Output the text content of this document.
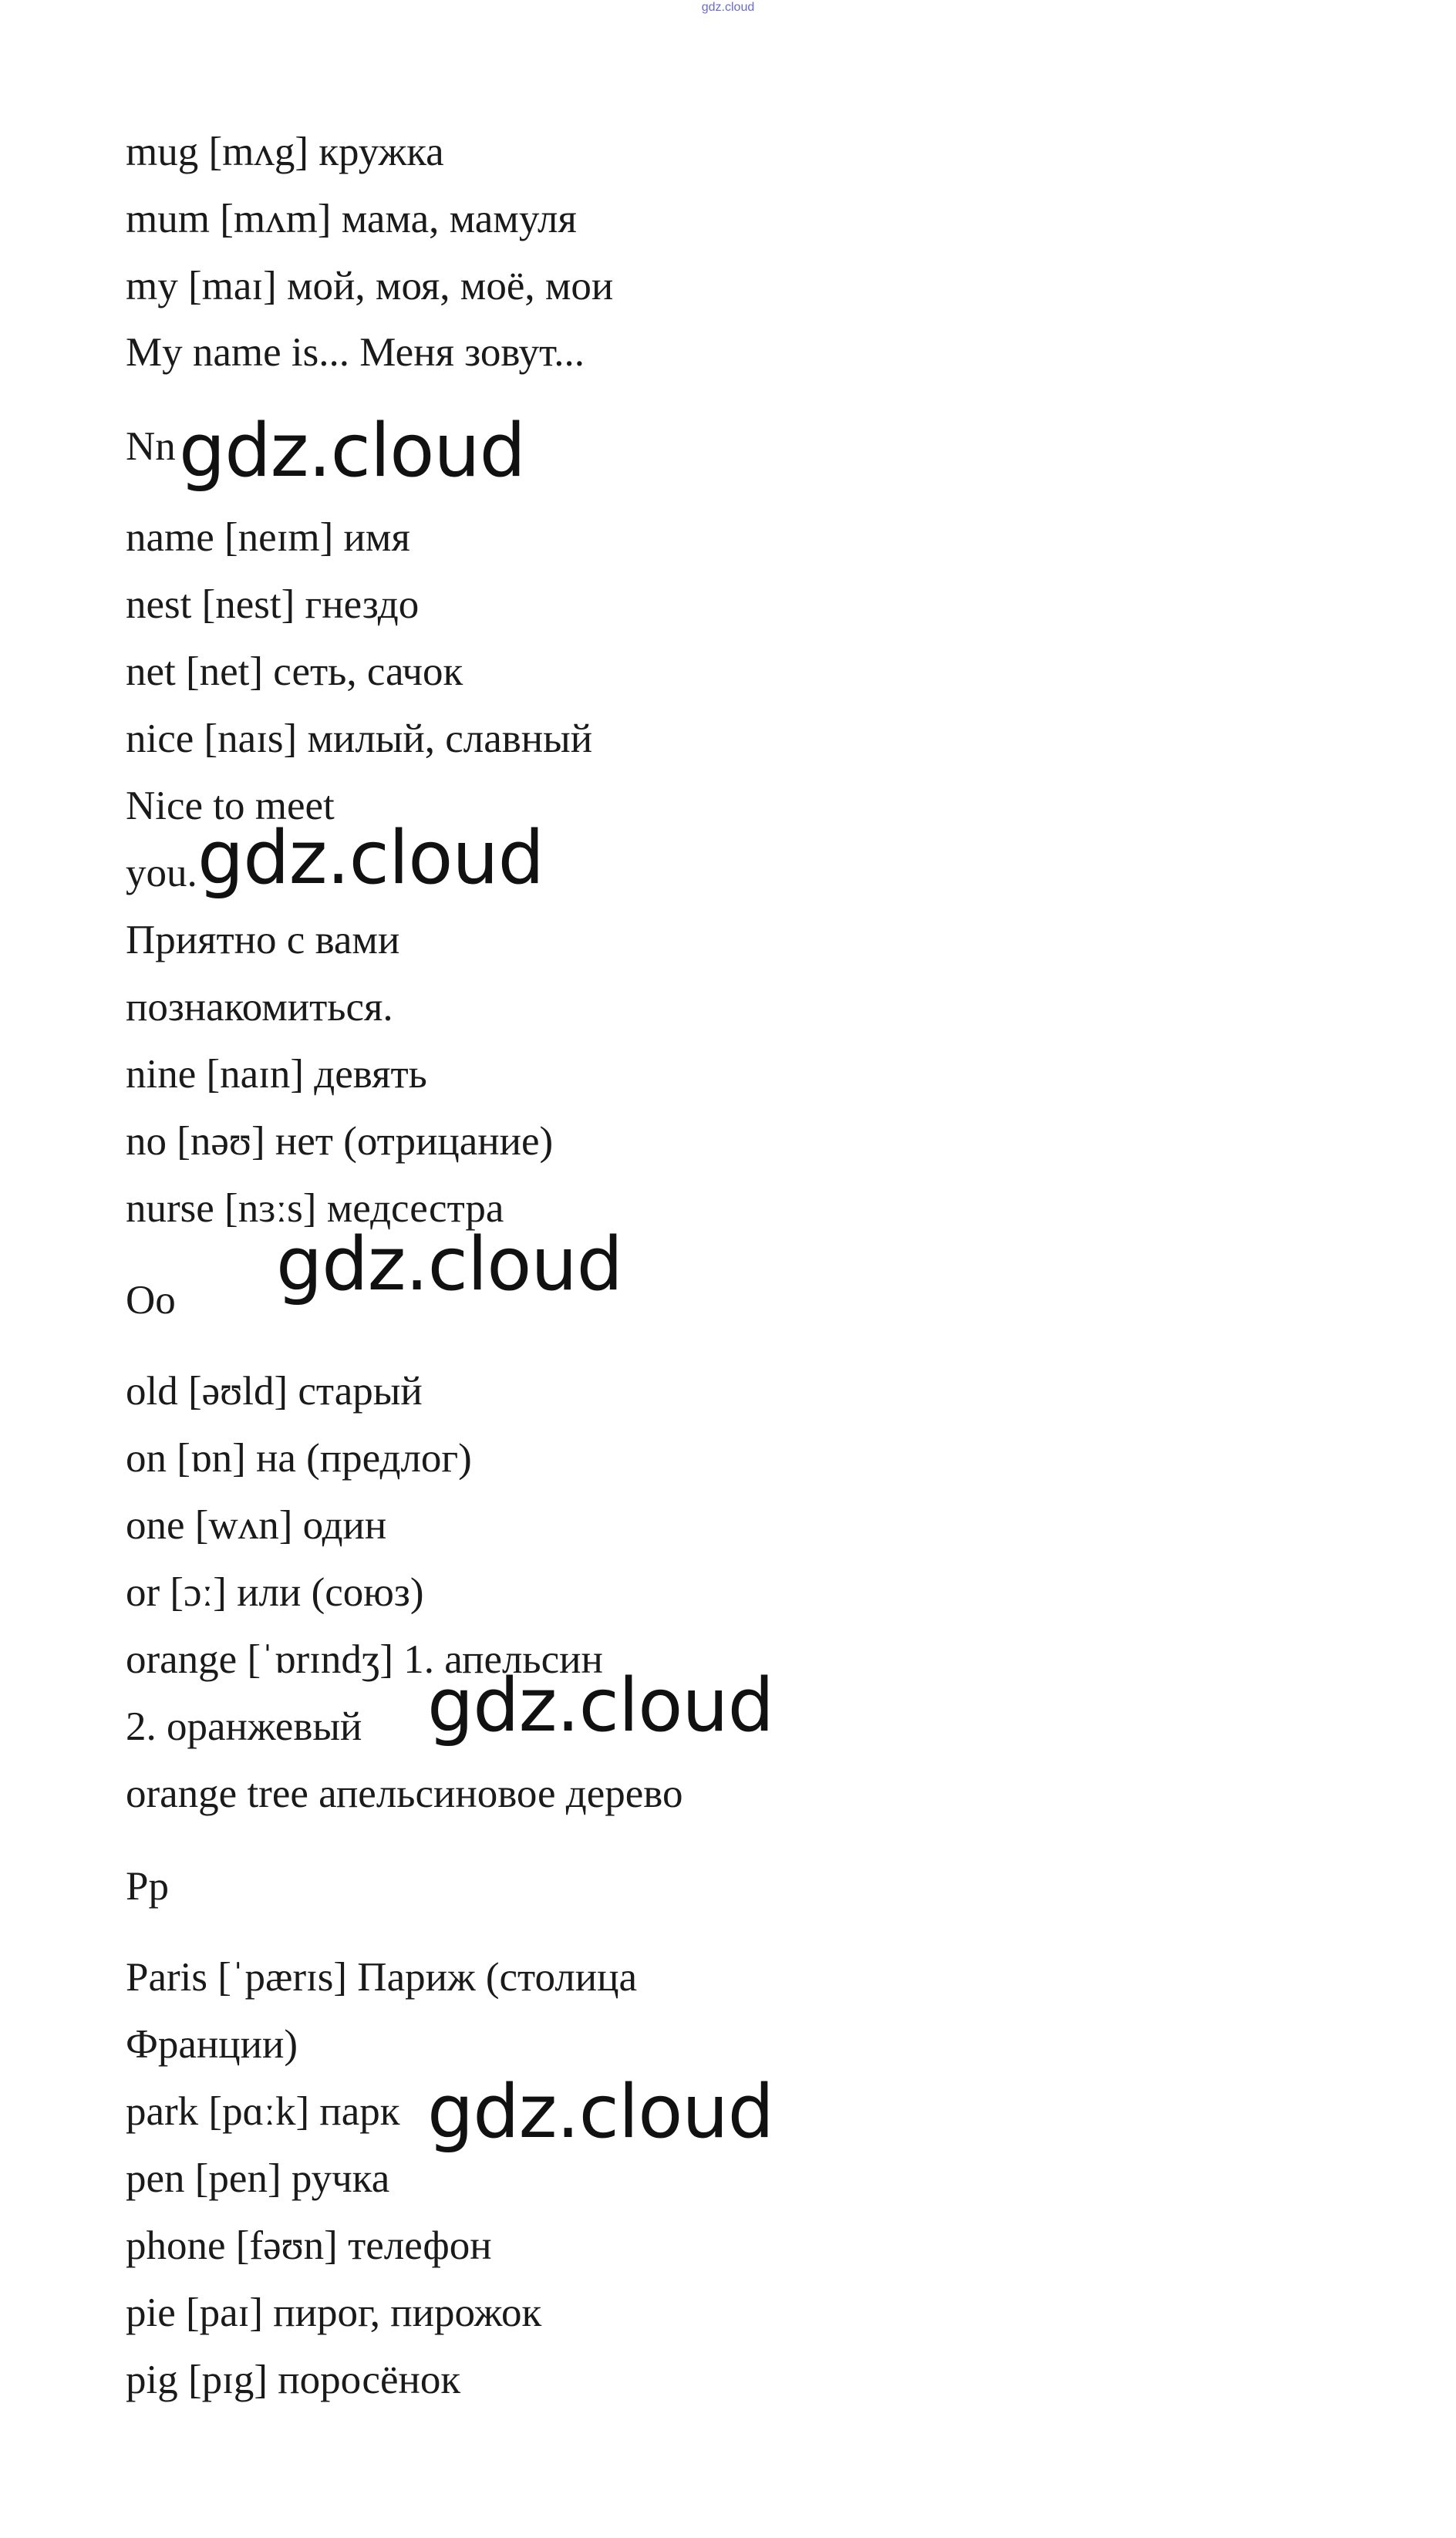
gdz.cloud
mug [mʌg] кружка
mum [mʌm] мама, мамуля
my [maɪ] мой, моя, моё, мои
My name is... Меня зовут...
Nn gdz.cloud
name [neɪm] имя
nest [nest] гнездо
net [net] сеть, сачок
nice [naɪs] милый, славный
Nice to meet
you. gdz.cloud
Приятно с вами
познакомиться.
nine [naɪn] девять
no [nəʊ] нет (отрицание)
nurse [nɜːs] медсестра
gdz.cloud
Oo
old [əʊld] старый
on [ɒn] на (предлог)
one [wʌn] один
or [ɔː] или (союз)
orange [ˈɒrɪndʒ] 1. апельсин
gdz.cloud
2. оранжевый
orange tree апельсиновое дерево
Pp
Paris [ˈpærɪs] Париж (столица
Франции)
park [pɑːk] парк gdz.cloud
pen [pen] ручка
phone [fəʊn] телефон
pie [paɪ] пирог, пирожок
pig [pɪg] поросёнок
